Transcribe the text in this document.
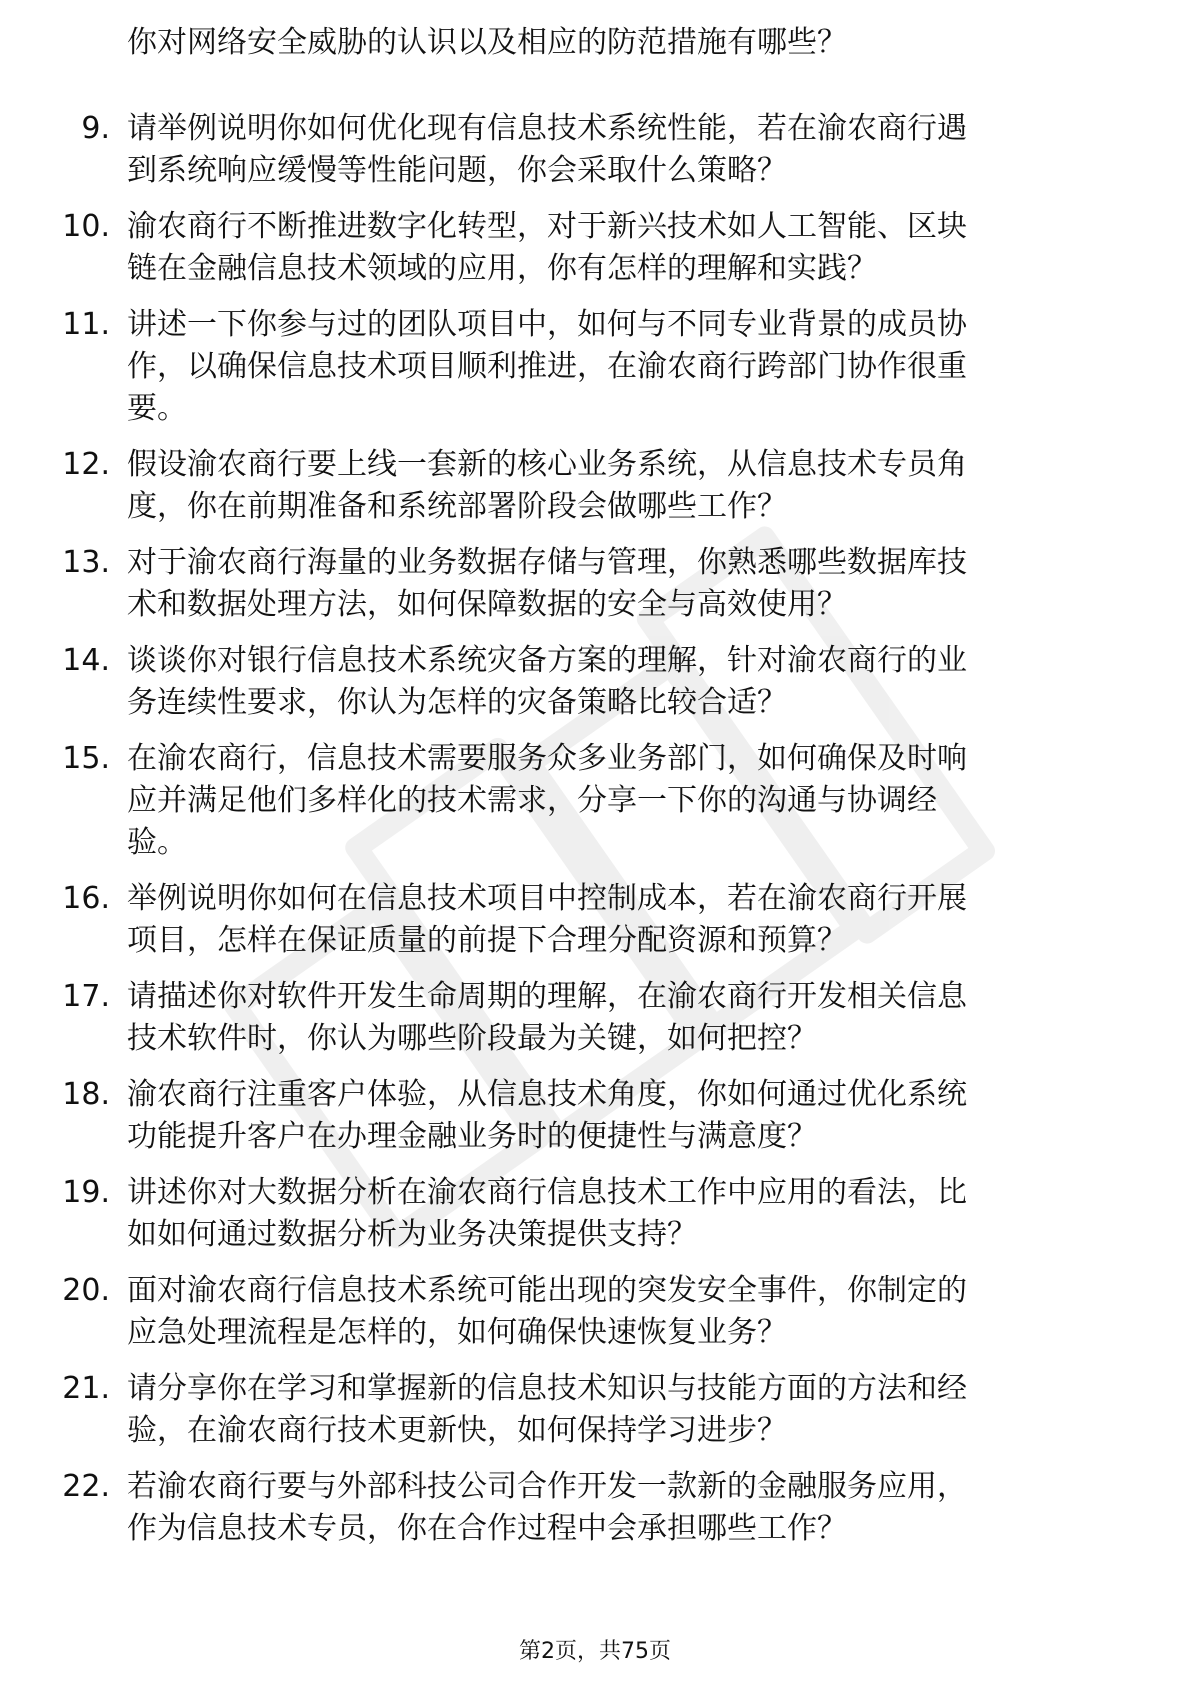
你对网络安全威胁的认识以及相应的防范措施有哪些？
9. 请举例说明你如何优化现有信息技术系统性能，若在渝农商行遇
到系统响应缓慢等性能问题，你会采取什么策略？
10. 渝农商行不断推进数字化转型，对于新兴技术如人工智能、区块
链在金融信息技术领域的应用，你有怎样的理解和实践？
11. 讲述一下你参与过的团队项目中，如何与不同专业背景的成员协
作，以确保信息技术项目顺利推进，在渝农商行跨部门协作很重
要。
12. 假设渝农商行要上线一套新的核心业务系统，从信息技术专员角
度，你在前期准备和系统部署阶段会做哪些工作？
13. 对于渝农商行海量的业务数据存储与管理，你熟悉哪些数据库技
术和数据处理方法，如何保障数据的安全与高效使用？
14. 谈谈你对银行信息技术系统灾备方案的理解，针对渝农商行的业
务连续性要求，你认为怎样的灾备策略比较合适？
15. 在渝农商行，信息技术需要服务众多业务部门，如何确保及时响
应并满足他们多样化的技术需求，分享一下你的沟通与协调经
验。
16. 举例说明你如何在信息技术项目中控制成本，若在渝农商行开展
项目，怎样在保证质量的前提下合理分配资源和预算？
17. 请描述你对软件开发生命周期的理解，在渝农商行开发相关信息
技术软件时，你认为哪些阶段最为关键，如何把控？
18. 渝农商行注重客户体验，从信息技术角度，你如何通过优化系统
功能提升客户在办理金融业务时的便捷性与满意度？
19. 讲述你对大数据分析在渝农商行信息技术工作中应用的看法，比
如如何通过数据分析为业务决策提供支持？
20. 面对渝农商行信息技术系统可能出现的突发安全事件，你制定的
应急处理流程是怎样的，如何确保快速恢复业务？
21. 请分享你在学习和掌握新的信息技术知识与技能方面的方法和经
验，在渝农商行技术更新快，如何保持学习进步？
22. 若渝农商行要与外部科技公司合作开发一款新的金融服务应用，
作为信息技术专员，你在合作过程中会承担哪些工作？
第2页，共75页
